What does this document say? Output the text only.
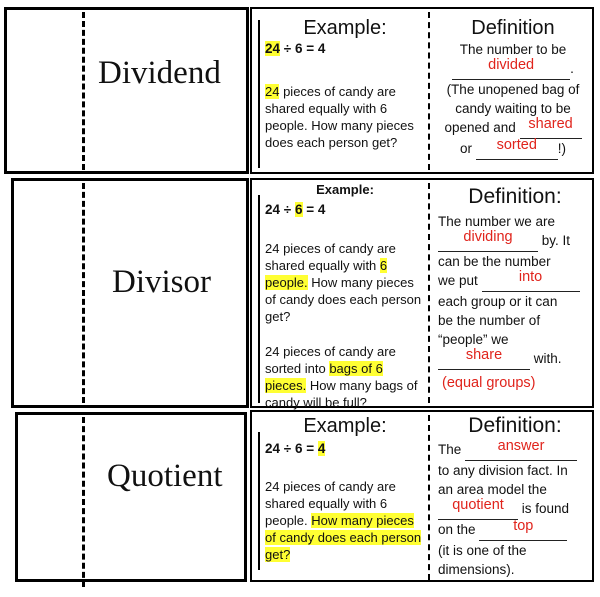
Dividend
Example:
24 ÷ 6 = 4
24 pieces of candy are shared equally with 6 people. How many pieces does each person get?
Definition
The number to be
divided	.
(The unopened bag of
candy waiting to be
opened and shared
or sorted !)
Divisor
Example:
24 ÷ 6 = 4
24 pieces of candy are shared equally with 6 people. How many pieces of candy does each person get?
24 pieces of candy are sorted into bags of 6 pieces. How many bags of candy will be full?
Definition:
The number we are
dividing by. It
can be the number
we put	into
each group or it can
be the number of
“people” we
share with.
(equal groups)
Quotient
Example:
24 ÷ 6 = 4
24 pieces of candy are shared equally with 6 people. How many pieces of candy does each person get?
Definition:
The	answer
to any division fact. In
an area model the
quotient is found
on the	top
(it is one of the
dimensions).
